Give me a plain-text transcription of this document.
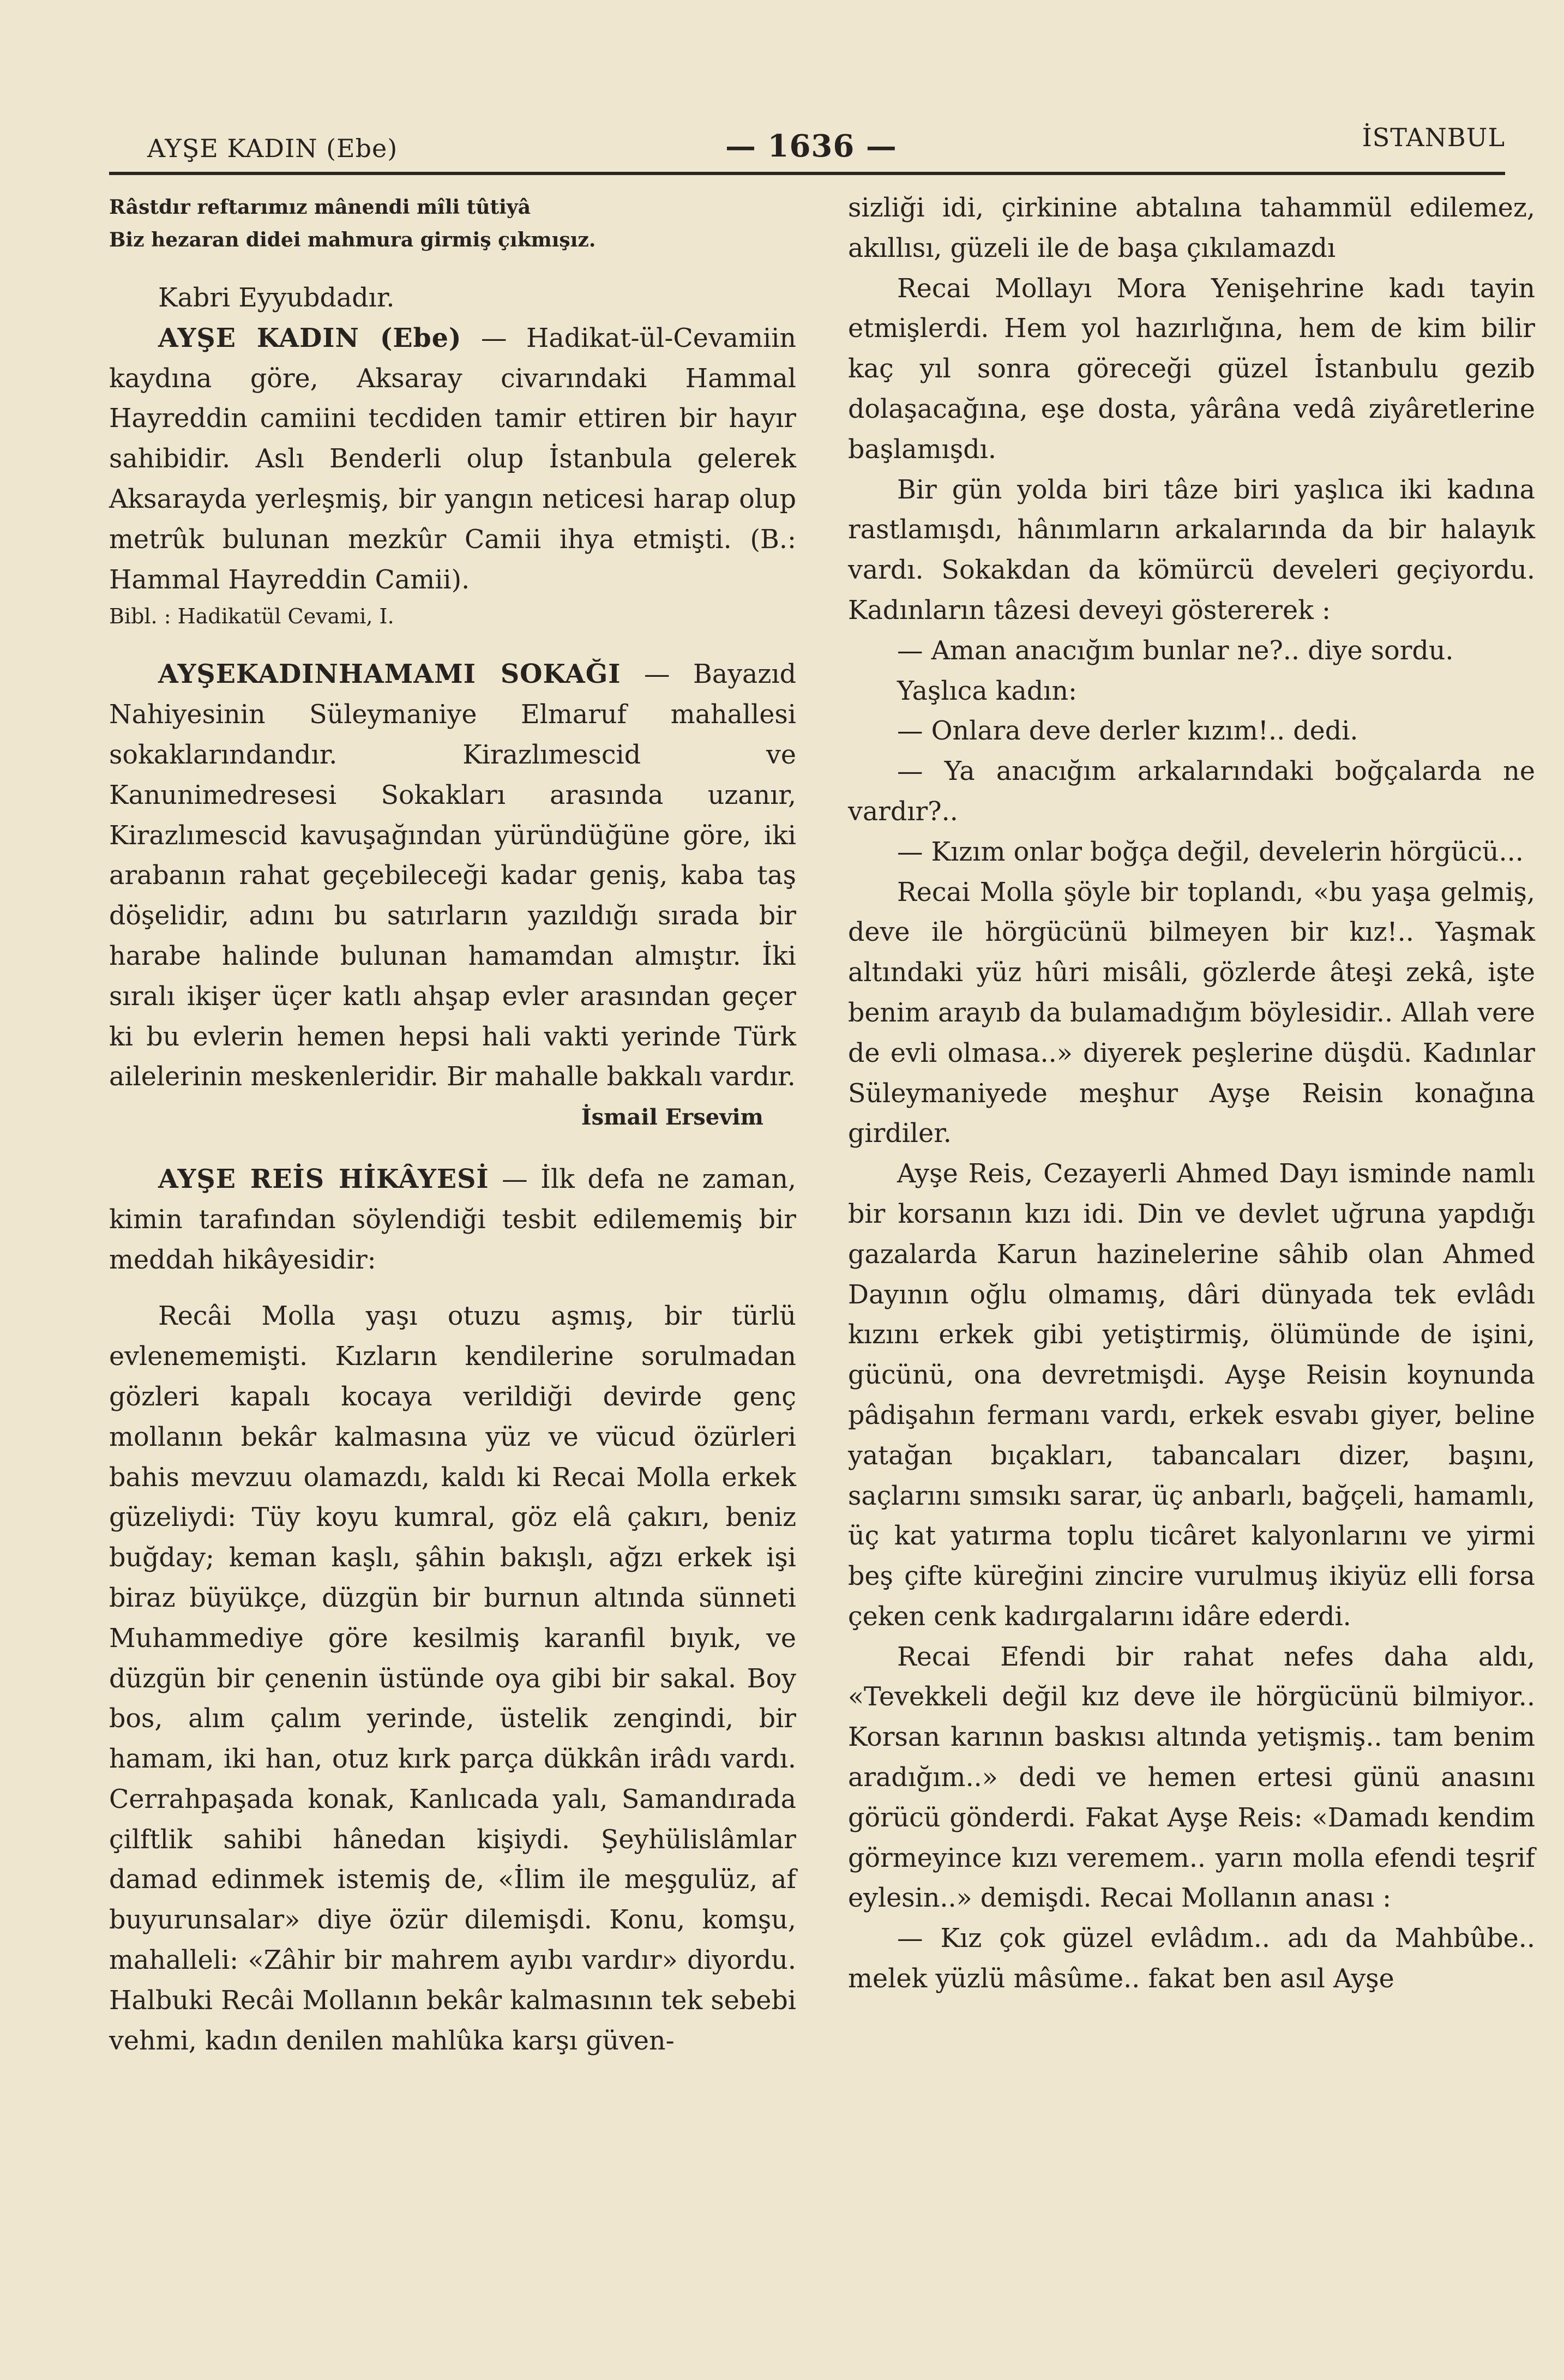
AYŞE KADIN (Ebe)	— 1636 —	İSTANBUL

Râstdır reftarımız mânendi mîli tûtiyâ

Biz hezaran didei mahmura girmiş çıkmışız.

Kabri Eyyubdadır.

AYŞE KADIN (Ebe) — Hadikat-ül-Cevamiin kaydına göre, Aksaray civarındaki Hammal Hayreddin camiini tecdiden tamir ettiren bir hayır sahibidir. Aslı Benderli olup İstanbula gelerek Aksarayda yerleşmiş, bir yangın neticesi harap olup metrûk bulunan mezkûr Camii ihya etmişti. (B.: Hammal Hayreddin Camii).

Bibl. : Hadikatül Cevami, I.

AYŞEKADINHAMAMI SOKAĞI — Bayazıd Nahiyesinin Süleymaniye Elmaruf mahallesi sokaklarındandır. Kirazlımescid ve Kanunimedresesi Sokakları arasında uzanır, Kirazlımescid kavuşağından yüründüğüne göre, iki arabanın rahat geçebileceği kadar geniş, kaba taş döşelidir, adını bu satırların yazıldığı sırada bir harabe halinde bulunan hamamdan almıştır. İki sıralı ikişer üçer katlı ahşap evler arasından geçer ki bu evlerin hemen hepsi hali vakti yerinde Türk ailelerinin meskenleridir. Bir mahalle bakkalı vardır.

İsmail Ersevim

AYŞE REİS HİKÂYESİ — İlk defa ne zaman, kimin tarafından söylendiği tesbit edilememiş bir meddah hikâyesidir:

Recâi Molla yaşı otuzu aşmış, bir türlü evlenememişti. Kızların kendilerine sorulmadan gözleri kapalı kocaya verildiği devirde genç mollanın bekâr kalmasına yüz ve vücud özürleri bahis mevzuu olamazdı, kaldı ki Recai Molla erkek güzeliydi: Tüy koyu kumral, göz elâ çakırı, beniz buğday; keman kaşlı, şâhin bakışlı, ağzı erkek işi biraz büyükçe, düzgün bir burnun altında sünneti Muhammediye göre kesilmiş karanfil bıyık, ve düzgün bir çenenin üstünde oya gibi bir sakal. Boy bos, alım çalım yerinde, üstelik zengindi, bir hamam, iki han, otuz kırk parça dükkân irâdı vardı. Cerrahpaşada konak, Kanlıcada yalı, Samandırada çilftlik sahibi hânedan kişiydi. Şeyhülislâmlar damad edinmek istemiş de, «İlim ile meşgulüz, af buyurunsalar» diye özür dilemişdi. Konu, komşu, mahalleli: «Zâhir bir mahrem ayıbı vardır» diyordu. Halbuki Recâi Mollanın bekâr kalmasının tek sebebi vehmi, kadın denilen mahlûka karşı güven-

sizliği idi, çirkinine abtalına tahammül edilemez, akıllısı, güzeli ile de başa çıkılamazdı

Recai Mollayı Mora Yenişehrine kadı tayin etmişlerdi. Hem yol hazırlığına, hem de kim bilir kaç yıl sonra göreceği güzel İstanbulu gezib dolaşacağına, eşe dosta, yârâna vedâ ziyâretlerine başlamışdı.

Bir gün yolda biri tâze biri yaşlıca iki kadına rastlamışdı, hânımların arkalarında da bir halayık vardı. Sokakdan da kömürcü develeri geçiyordu. Kadınların tâzesi deveyi göstererek :

— Aman anacığım bunlar ne?.. diye sordu.

Yaşlıca kadın:

— Onlara deve derler kızım!.. dedi.

— Ya anacığım arkalarındaki boğçalarda ne vardır?..

— Kızım onlar boğça değil, develerin hörgücü...

Recai Molla şöyle bir toplandı, «bu yaşa gelmiş, deve ile hörgücünü bilmeyen bir kız!.. Yaşmak altındaki yüz hûri misâli, gözlerde âteşi zekâ, işte benim arayıb da bulamadığım böylesidir.. Allah vere de evli olmasa..» diyerek peşlerine düşdü. Kadınlar Süleymaniyede meşhur Ayşe Reisin konağına girdiler.

Ayşe Reis, Cezayerli Ahmed Dayı isminde namlı bir korsanın kızı idi. Din ve devlet uğruna yapdığı gazalarda Karun hazinelerine sâhib olan Ahmed Dayının oğlu olmamış, dâri dünyada tek evlâdı kızını erkek gibi yetiştirmiş, ölümünde de işini, gücünü, ona devretmişdi. Ayşe Reisin koynunda pâdişahın fermanı vardı, erkek esvabı giyer, beline yatağan bıçakları, tabancaları dizer, başını, saçlarını sımsıkı sarar, üç anbarlı, bağçeli, hamamlı, üç kat yatırma toplu ticâret kalyonlarını ve yirmi beş çifte küreğini zincire vurulmuş ikiyüz elli forsa çeken cenk kadırgalarını idâre ederdi.

Recai Efendi bir rahat nefes daha aldı, «Tevekkeli değil kız deve ile hörgücünü bilmiyor.. Korsan karının baskısı altında yetişmiş.. tam benim aradığım..» dedi ve hemen ertesi günü anasını görücü gönderdi. Fakat Ayşe Reis: «Damadı kendim görmeyince kızı veremem.. yarın molla efendi teşrif eylesin..» demişdi. Recai Mollanın anası :

— Kız çok güzel evlâdım.. adı da Mahbûbe.. melek yüzlü mâsûme.. fakat ben asıl Ayşe
